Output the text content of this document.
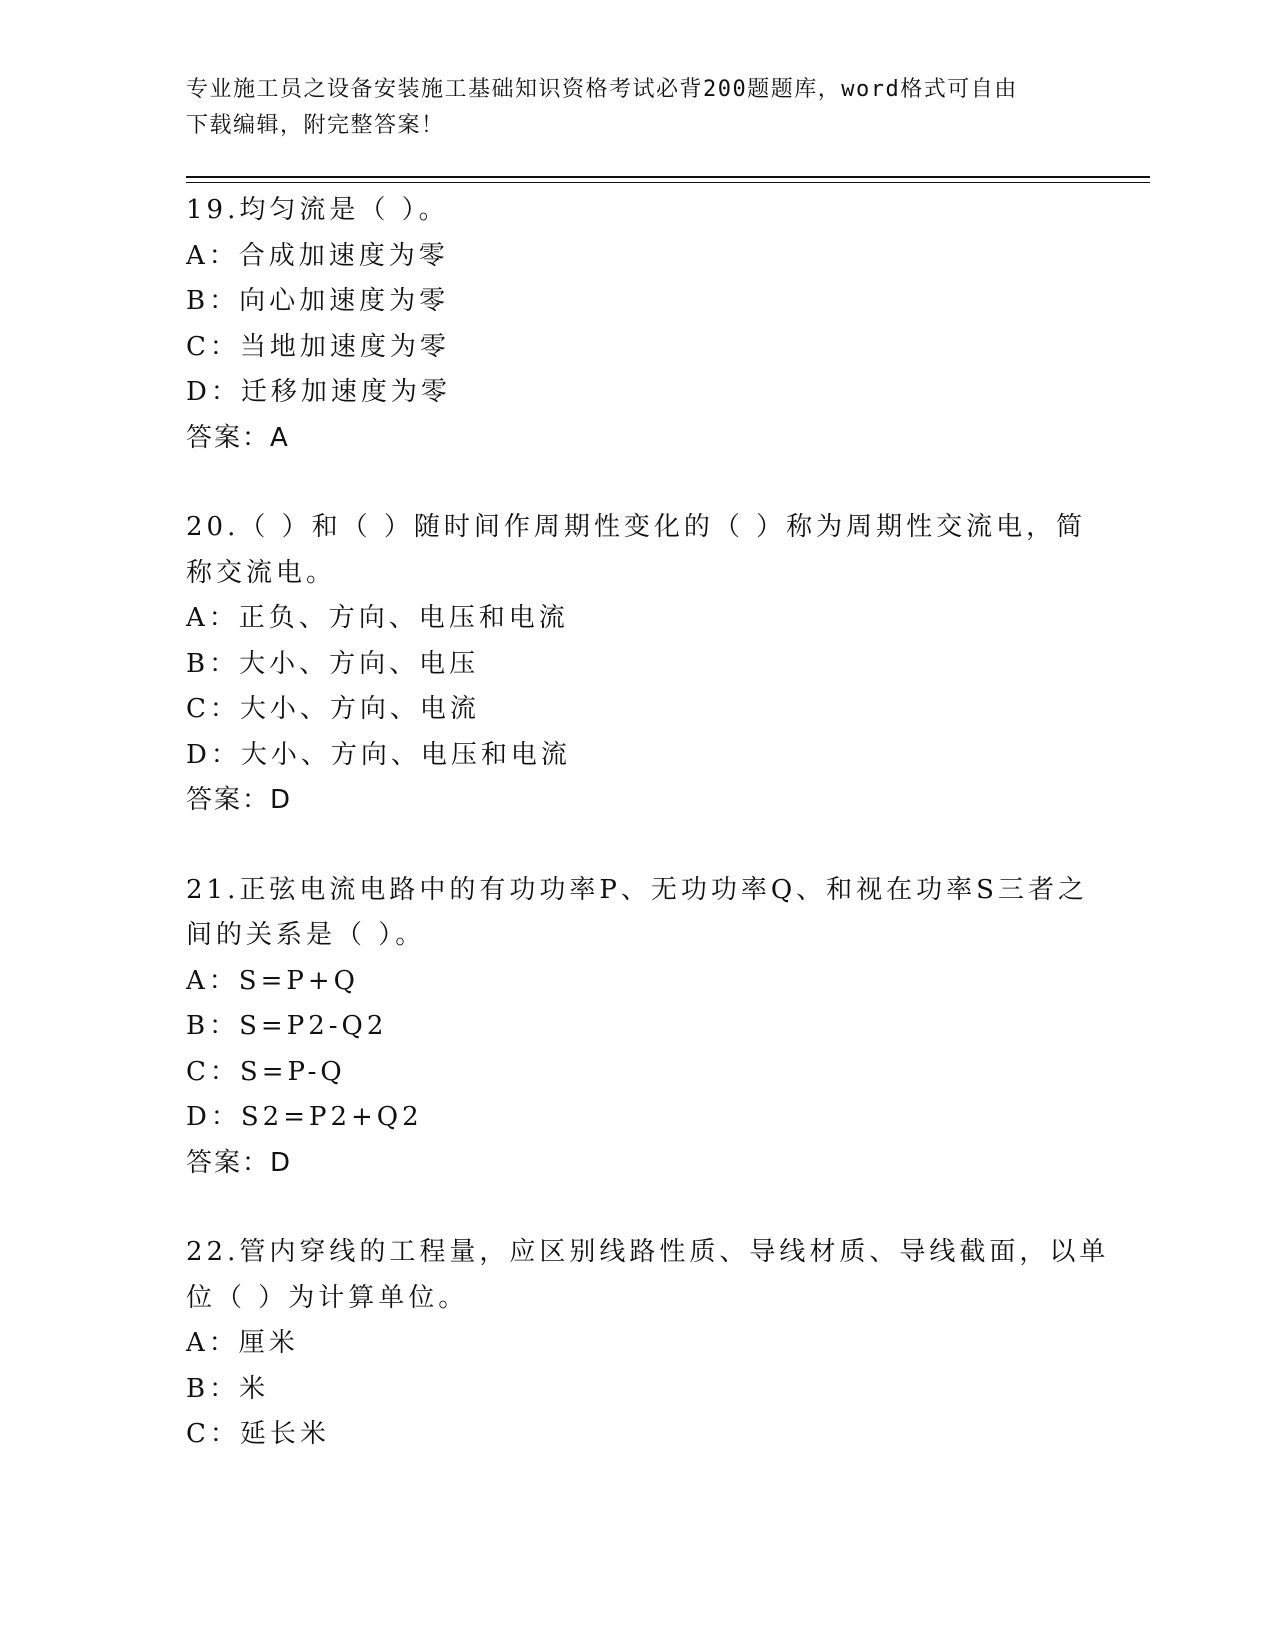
专业施工员之设备安装施工基础知识资格考试必背200题题库，word格式可自由
下载编辑，附完整答案！
19.均匀流是（ ）。
A：合成加速度为零
B：向心加速度为零
C：当地加速度为零
D：迁移加速度为零
答案：A
20.（ ）和（ ）随时间作周期性变化的（ ）称为周期性交流电，简
称交流电。
A：正负、方向、电压和电流
B：大小、方向、电压
C：大小、方向、电流
D：大小、方向、电压和电流
答案：D
21.正弦电流电路中的有功功率P、无功功率Q、和视在功率S三者之
间的关系是（ ）。
A：S=P+Q
B：S=P2-Q2
C：S=P-Q
D：S2=P2+Q2
答案：D
22.管内穿线的工程量，应区别线路性质、导线材质、导线截面，以单
位（ ）为计算单位。
A：厘米
B：米
C：延长米
